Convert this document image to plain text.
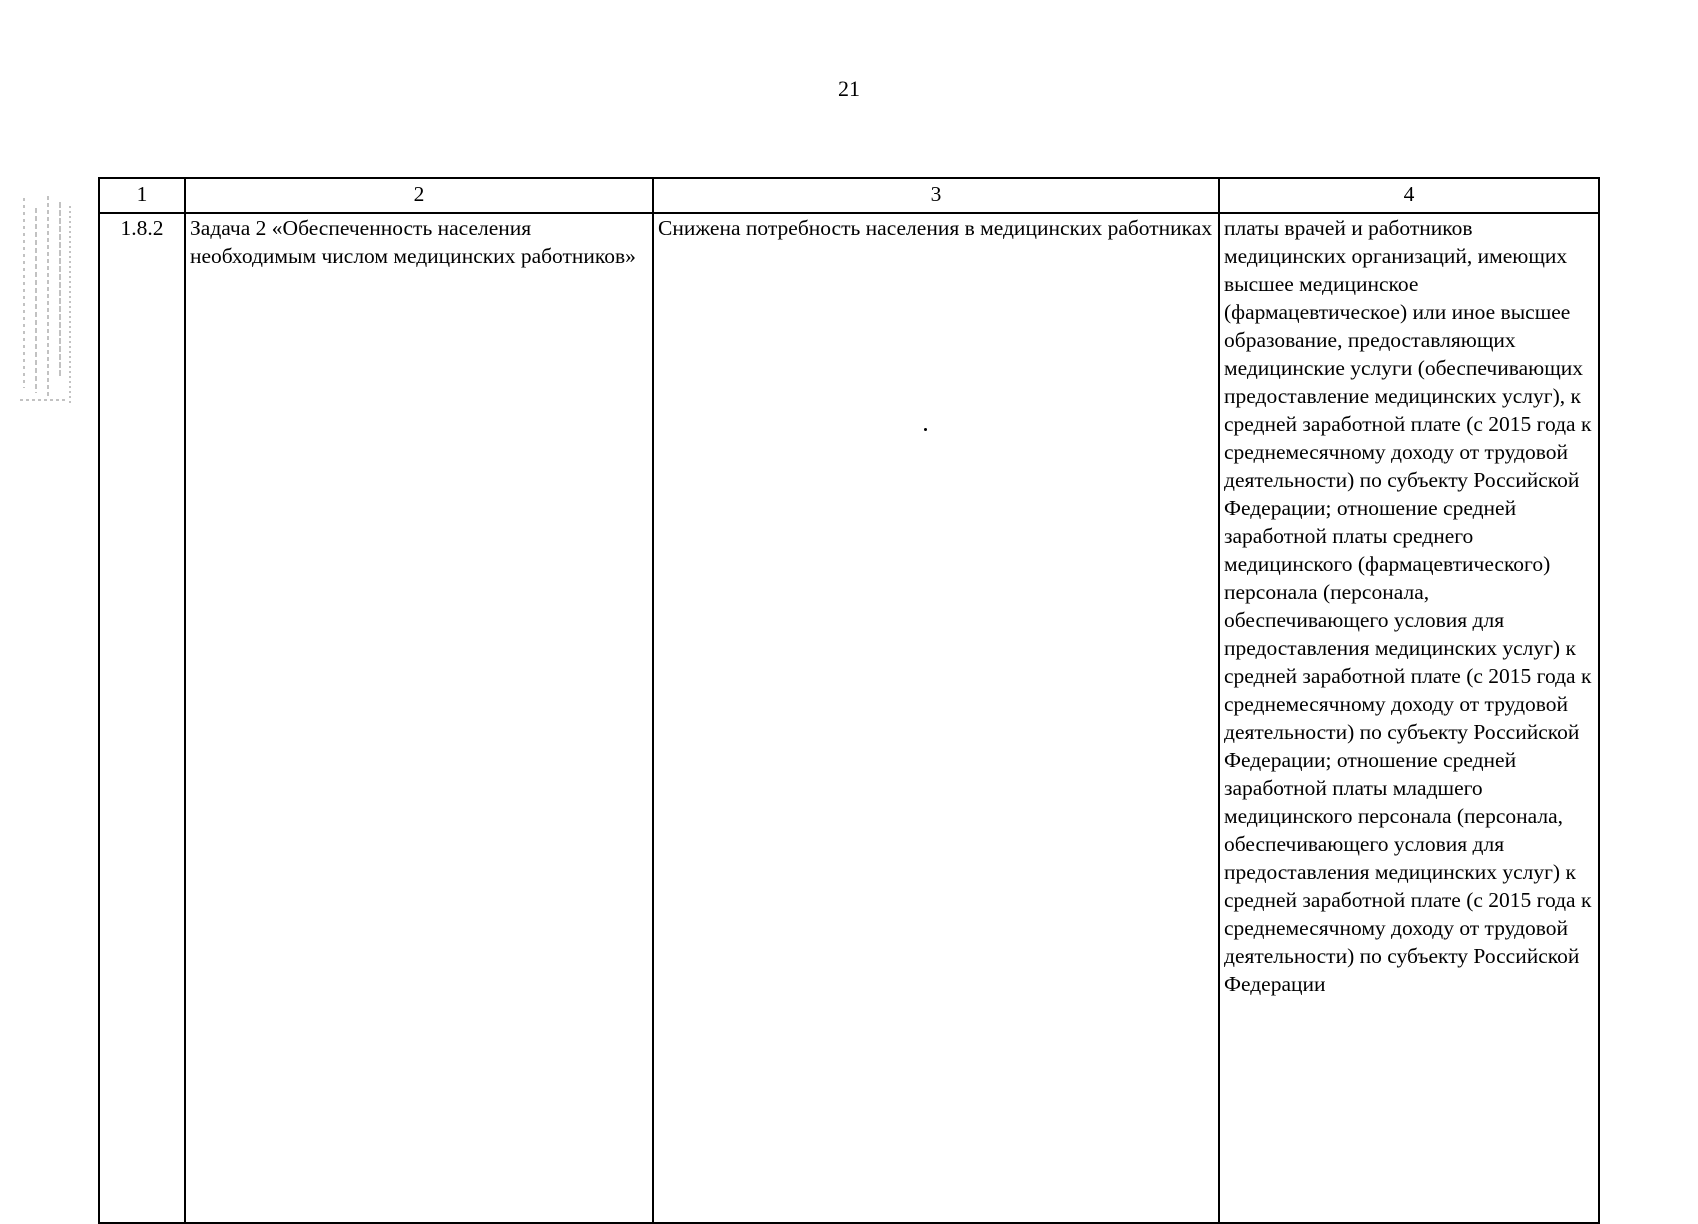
21
1	2	3	4
1.8.2	Задача 2 «Обеспеченность населения необходимым числом медицинских работников»	Снижена потребность населения в медицинских работниках	платы врачей и работников медицинских организаций, имеющих высшее медицинское (фармацевтическое) или иное высшее образование, предоставляющих медицинские услуги (обеспечивающих предоставление медицинских услуг), к средней заработной плате (с 2015 года к среднемесячному доходу от трудовой деятельности) по субъекту Российской Федерации; отношение средней заработной платы среднего медицинского (фармацевтического) персонала (персонала, обеспечивающего условия для предоставления медицинских услуг) к средней заработной плате (с 2015 года к среднемесячному доходу от трудовой деятельности) по субъекту Российской Федерации; отношение средней заработной платы младшего медицинского персонала (персонала, обеспечивающего условия для предоставления медицинских услуг) к средней заработной плате (с 2015 года к среднемесячному доходу от трудовой деятельности) по субъекту Российской Федерации
